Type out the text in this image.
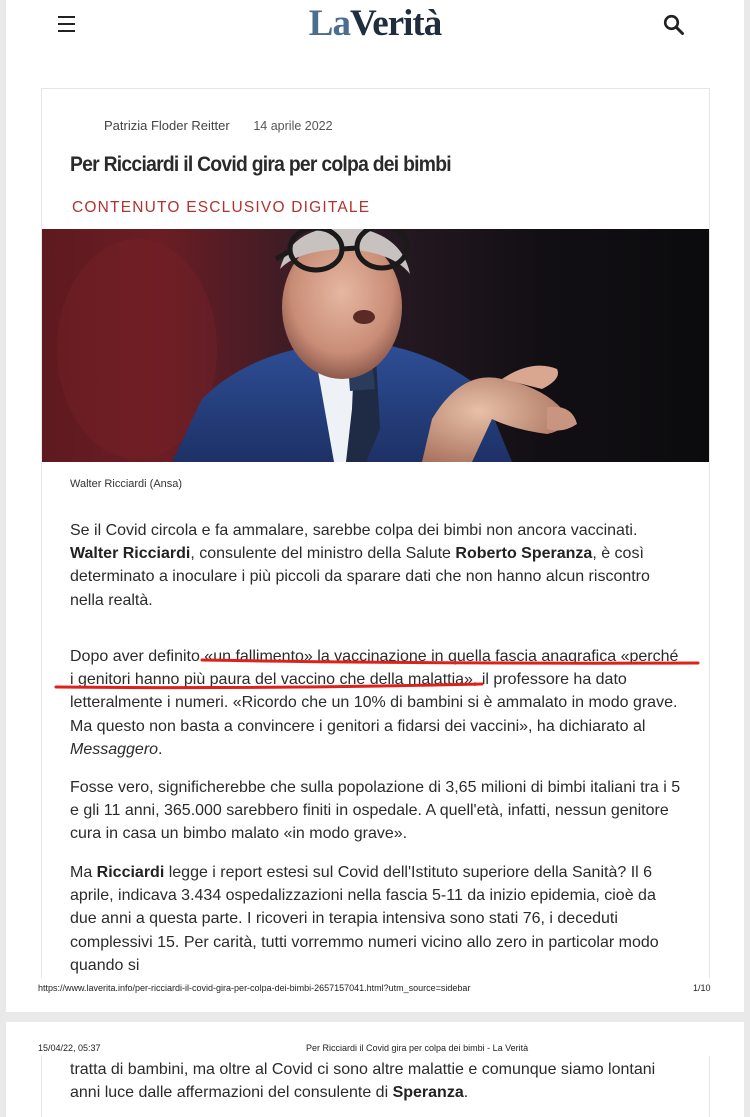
LaVerità
Patrizia Floder Reitter 14 aprile 2022
Per Ricciardi il Covid gira per colpa dei bimbi
CONTENUTO ESCLUSIVO DIGITALE
Walter Ricciardi (Ansa)

Se il Covid circola e fa ammalare, sarebbe colpa dei bimbi non ancora vaccinati. Walter Ricciardi, consulente del ministro della Salute Roberto Speranza, è così determinato a inoculare i più piccoli da sparare dati che non hanno alcun riscontro nella realtà.

Dopo aver definito «un fallimento» la vaccinazione in quella fascia anagrafica «perché i genitori hanno più paura del vaccino che della malattia», il professore ha dato letteralmente i numeri. «Ricordo che un 10% di bambini si è ammalato in modo grave. Ma questo non basta a convincere i genitori a fidarsi dei vaccini», ha dichiarato al Messaggero.

Fosse vero, significherebbe che sulla popolazione di 3,65 milioni di bimbi italiani tra i 5 e gli 11 anni, 365.000 sarebbero finiti in ospedale. A quell'età, infatti, nessun genitore cura in casa un bimbo malato «in modo grave».

Ma Ricciardi legge i report estesi sul Covid dell'Istituto superiore della Sanità? Il 6 aprile, indicava 3.434 ospedalizzazioni nella fascia 5-11 da inizio epidemia, cioè da due anni a questa parte. I ricoveri in terapia intensiva sono stati 76, i deceduti complessivi 15. Per carità, tutti vorremmo numeri vicino allo zero in particolar modo quando si

https://www.laverita.info/per-ricciardi-il-covid-gira-per-colpa-dei-bimbi-2657157041.html?utm_source=sidebar	1/10
15/04/22, 05:37	Per Ricciardi il Covid gira per colpa dei bimbi - La Verità

tratta di bambini, ma oltre al Covid ci sono altre malattie e comunque siamo lontani anni luce dalle affermazioni del consulente di Speranza.
